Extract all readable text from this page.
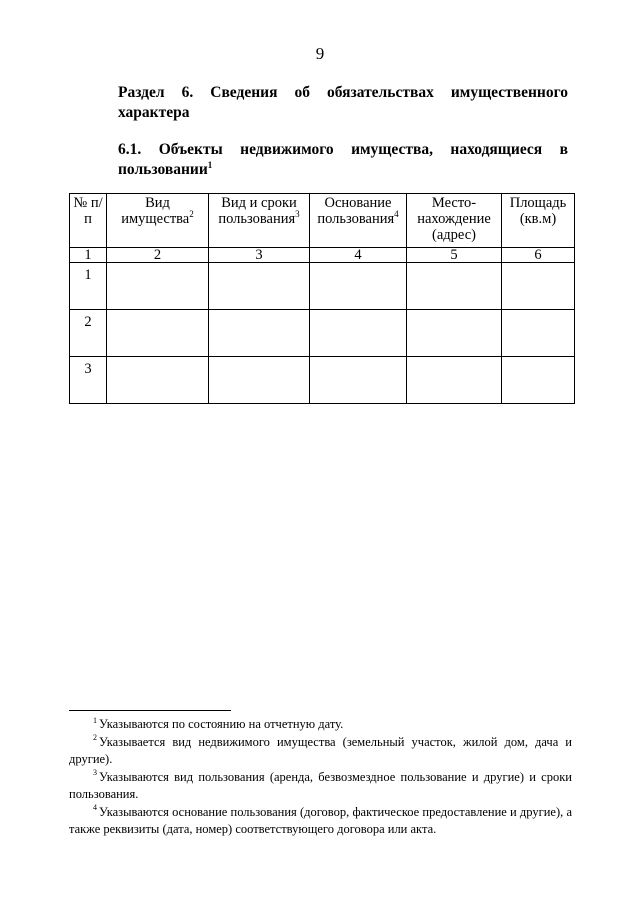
9
Раздел 6. Сведения об обязательствах имущественного характера
6.1. Объекты недвижимого имущества, находящиеся в пользовании$^1$
№ п/п	Вид имущества$^2$	Вид и сроки пользования$^3$	Основание пользования$^4$	Место-нахождение (адрес)	Площадь (кв.м)
1	2	3	4	5	6
1					
2					
3					
$^1$ Указываются по состоянию на отчетную дату.
$^2$ Указывается вид недвижимого имущества (земельный участок, жилой дом, дача и другие).
$^3$ Указываются вид пользования (аренда, безвозмездное пользование и другие) и сроки пользования.
$^4$ Указываются основание пользования (договор, фактическое предоставление и другие), а также реквизиты (дата, номер) соответствующего договора или акта.
